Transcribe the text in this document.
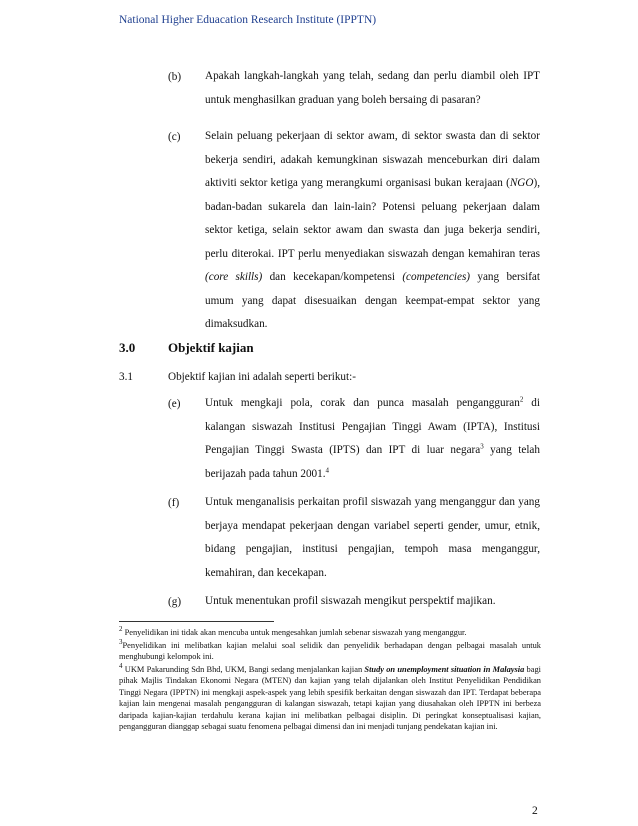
National Higher Eduacation Research Institute (IPPTN)
(b) Apakah langkah-langkah yang telah, sedang dan perlu diambil oleh IPT untuk menghasilkan graduan yang boleh bersaing di pasaran?
(c) Selain peluang pekerjaan di sektor awam, di sektor swasta dan di sektor bekerja sendiri, adakah kemungkinan siswazah menceburkan diri dalam aktiviti sektor ketiga yang merangkumi organisasi bukan kerajaan (NGO), badan-badan sukarela dan lain-lain? Potensi peluang pekerjaan dalam sektor ketiga, selain sektor awam dan swasta dan juga bekerja sendiri, perlu diterokai. IPT perlu menyediakan siswazah dengan kemahiran teras (core skills) dan kecekapan/kompetensi (competencies) yang bersifat umum yang dapat disesuaikan dengan keempat-empat sektor yang dimaksudkan.
3.0	Objektif kajian
3.1	Objektif kajian ini adalah seperti berikut:-
(e) Untuk mengkaji pola, corak dan punca masalah pengangguran$^2$ di kalangan siswazah Institusi Pengajian Tinggi Awam (IPTA), Institusi Pengajian Tinggi Swasta (IPTS) dan IPT di luar negara$^3$ yang telah berijazah pada tahun 2001.$^4$
(f) Untuk menganalisis perkaitan profil siswazah yang menganggur dan yang berjaya mendapat pekerjaan dengan variabel seperti gender, umur, etnik, bidang pengajian, institusi pengajian, tempoh masa menganggur, kemahiran, dan kecekapan.
(g) Untuk menentukan profil siswazah mengikut perspektif majikan.
$^2$ Penyelidikan ini tidak akan mencuba untuk mengesahkan jumlah sebenar siswazah yang menganggur.
$^3$Penyelidikan ini melibatkan kajian melalui soal selidik dan penyelidik berhadapan dengan pelbagai masalah untuk menghubungi kelompok ini.
$^4$ UKM Pakarunding Sdn Bhd, UKM, Bangi sedang menjalankan kajian Study on unemployment situation in Malaysia bagi pihak Majlis Tindakan Ekonomi Negara (MTEN) dan kajian yang telah dijalankan oleh Institut Penyelidikan Pendidikan Tinggi Negara (IPPTN) ini mengkaji aspek-aspek yang lebih spesifik berkaitan dengan siswazah dan IPT. Terdapat beberapa kajian lain mengenai masalah pengangguran di kalangan siswazah, tetapi kajian yang diusahakan oleh IPPTN ini berbeza daripada kajian-kajian terdahulu kerana kajian ini melibatkan pelbagai disiplin. Di peringkat konseptualisasi kajian, pengangguran dianggap sebagai suatu fenomena pelbagai dimensi dan ini menjadi tunjang pendekatan kajian ini.
2
